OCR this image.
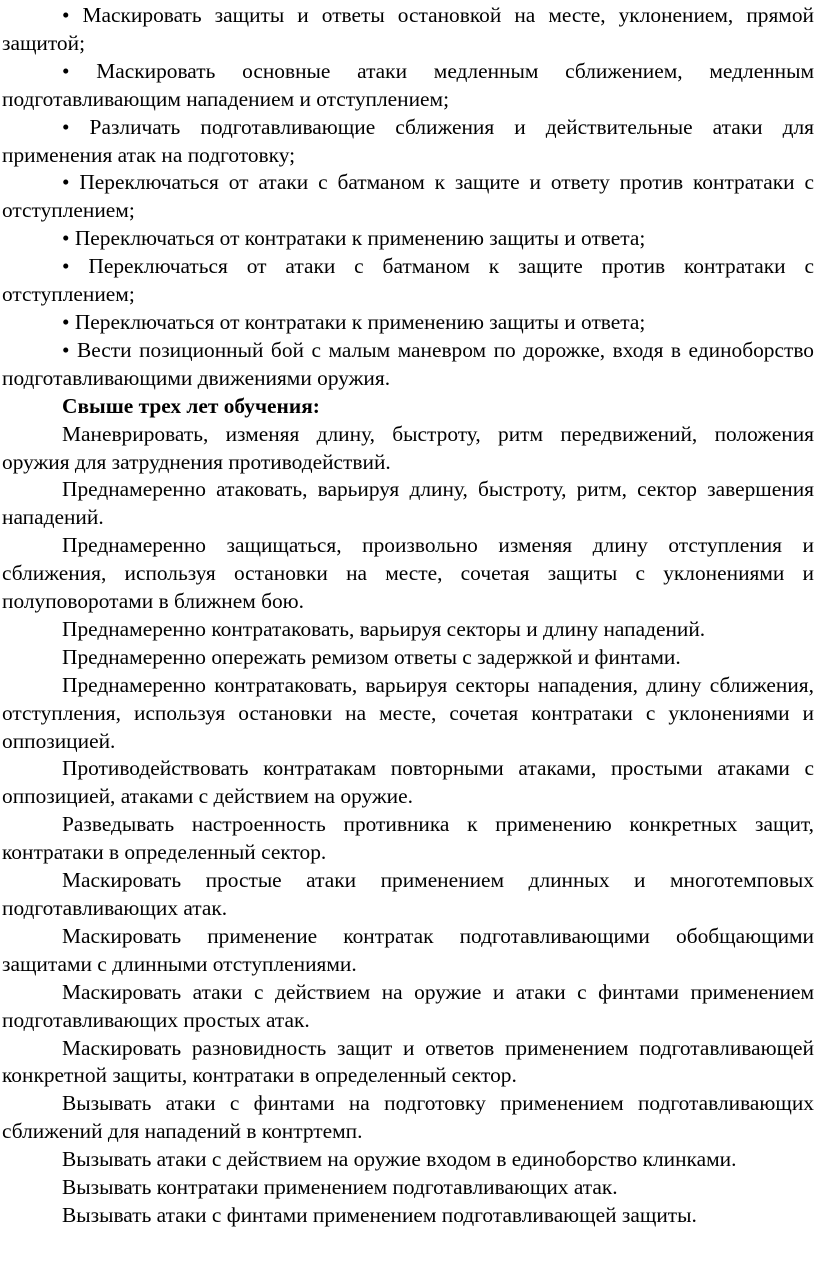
• Маскировать защиты и ответы остановкой на месте, уклонением, прямой защитой;

• Маскировать основные атаки медленным сближением, медленным подготавливающим нападением и отступлением;

• Различать подготавливающие сближения и действительные атаки для применения атак на подготовку;

• Переключаться от атаки с батманом к защите и ответу против контратаки с отступлением;

• Переключаться от контратаки к применению защиты и ответа;

• Переключаться от атаки с батманом к защите против контратаки с отступлением;

• Переключаться от контратаки к применению защиты и ответа;

• Вести позиционный бой с малым маневром по дорожке, входя в единоборство подготавливающими движениями оружия.

Свыше трех лет обучения:

Маневрировать, изменяя длину, быстроту, ритм передвижений, положения оружия для затруднения противодействий.

Преднамеренно атаковать, варьируя длину, быстроту, ритм, сектор завершения нападений.

Преднамеренно защищаться, произвольно изменяя длину отступления и сближения, используя остановки на месте, сочетая защиты с уклонениями и полуповоротами в ближнем бою.

Преднамеренно контратаковать, варьируя секторы и длину нападений.

Преднамеренно опережать ремизом ответы с задержкой и финтами.

Преднамеренно контратаковать, варьируя секторы нападения, длину сближения, отступления, используя остановки на месте, сочетая контратаки с уклонениями и оппозицией.

Противодействовать контратакам повторными атаками, простыми атаками с оппозицией, атаками с действием на оружие.

Разведывать настроенность противника к применению конкретных защит, контратаки в определенный сектор.

Маскировать простые атаки применением длинных и многотемповых подготавливающих атак.

Маскировать применение контратак подготавливающими обобщающими защитами с длинными отступлениями.

Маскировать атаки с действием на оружие и атаки с финтами применением подготавливающих простых атак.

Маскировать разновидность защит и ответов применением подготавливающей конкретной защиты, контратаки в определенный сектор.

Вызывать атаки с финтами на подготовку применением подготавливающих сближений для нападений в контртемп.

Вызывать атаки с действием на оружие входом в единоборство клинками.

Вызывать контратаки применением подготавливающих атак.

Вызывать атаки с финтами применением подготавливающей защиты.
